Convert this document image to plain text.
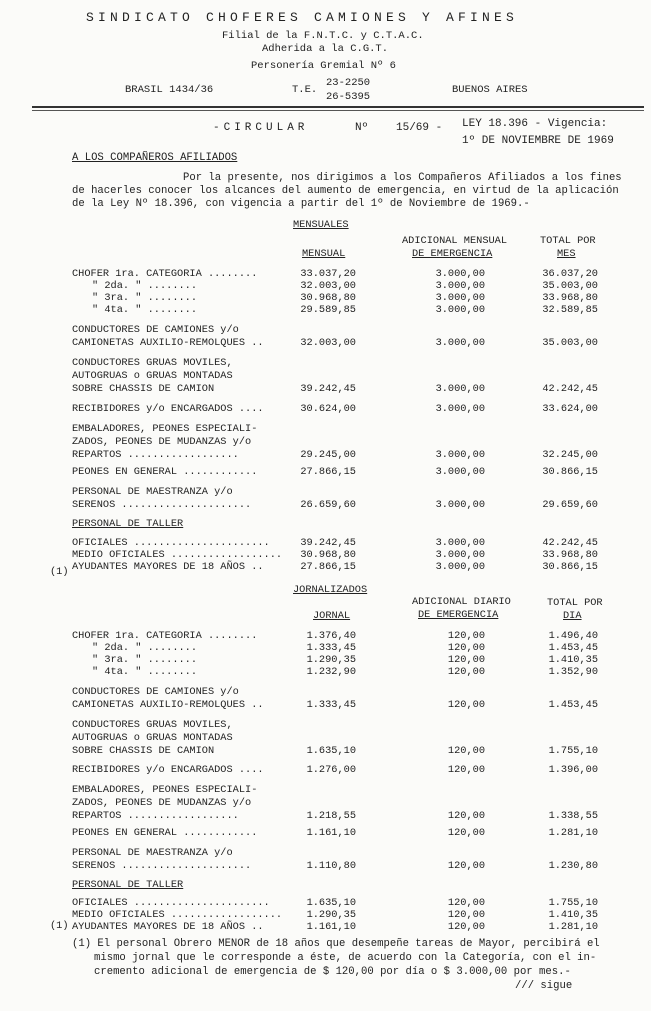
SINDICATO CHOFERES CAMIONES Y AFINES
Filial de la F.N.T.C. y C.T.A.C.
Adherida a la C.G.T.
Personería Gremial Nº 6
BRASIL 1434/36	T.E.
23-2250
26-5395
BUENOS AIRES
-CIRCULAR	Nº	15/69 - LEY 18.396 - Vigencia:
1º DE NOVIEMBRE DE 1969
A LOS COMPAÑEROS AFILIADOS
Por la presente, nos dirigimos a los Compañeros Afiliados a los fines
de hacerles conocer los alcances del aumento de emergencia, en virtud de la aplicación
de la Ley Nº 18.396, con vigencia a partir del 1º de Noviembre de 1969.-
MENSUALES
MENSUAL
ADICIONAL MENSUAL
DE EMERGENCIA
TOTAL POR
MES
CHOFER 1ra. CATEGORIA ........	33.037,20	3.000,00	36.037,20
" 2da. " ........	32.003,00	3.000,00	35.003,00
" 3ra. " ........	30.968,80	3.000,00	33.968,80
" 4ta. " ........	29.589,85	3.000,00	32.589,85
CONDUCTORES DE CAMIONES y/o
CAMIONETAS AUXILIO-REMOLQUES ..	32.003,00	3.000,00	35.003,00
CONDUCTORES GRUAS MOVILES,
AUTOGRUAS o GRUAS MONTADAS
SOBRE CHASSIS DE CAMION	39.242,45	3.000,00	42.242,45
RECIBIDORES y/o ENCARGADOS ....	30.624,00	3.000,00	33.624,00
EMBALADORES, PEONES ESPECIALI-
ZADOS, PEONES DE MUDANZAS y/o
REPARTOS ..................	29.245,00	3.000,00	32.245,00
PEONES EN GENERAL ............	27.866,15	3.000,00	30.866,15
PERSONAL DE MAESTRANZA y/o
SERENOS .....................	26.659,60	3.000,00	29.659,60
PERSONAL DE TALLER
OFICIALES ......................	39.242,45	3.000,00	42.242,45
MEDIO OFICIALES ..................	30.968,80	3.000,00	33.968,80
AYUDANTES MAYORES DE 18 AÑOS ..	27.866,15	3.000,00	30.866,15
JORNALIZADOS
JORNAL
ADICIONAL DIARIO
DE EMERGENCIA
TOTAL POR
DIA
CHOFER 1ra. CATEGORIA ........	1.376,40	120,00	1.496,40
" 2da. " ........	1.333,45	120,00	1.453,45
" 3ra. " ........	1.290,35	120,00	1.410,35
" 4ta. " ........	1.232,90	120,00	1.352,90
CONDUCTORES DE CAMIONES y/o
CAMIONETAS AUXILIO-REMOLQUES ..	1.333,45	120,00	1.453,45
CONDUCTORES GRUAS MOVILES,
AUTOGRUAS o GRUAS MONTADAS
SOBRE CHASSIS DE CAMION	1.635,10	120,00	1.755,10
RECIBIDORES y/o ENCARGADOS ....	1.276,00	120,00	1.396,00
EMBALADORES, PEONES ESPECIALI-
ZADOS, PEONES DE MUDANZAS y/o
REPARTOS ..................	1.218,55	120,00	1.338,55
PEONES EN GENERAL ............	1.161,10	120,00	1.281,10
PERSONAL DE MAESTRANZA y/o
SERENOS .....................	1.110,80	120,00	1.230,80
PERSONAL DE TALLER
OFICIALES ......................	1.635,10	120,00	1.755,10
MEDIO OFICIALES ..................	1.290,35	120,00	1.410,35
AYUDANTES MAYORES DE 18 AÑOS ..	1.161,10	120,00	1.281,10
(1)
(1)
(1) El personal Obrero MENOR de 18 años que desempeñe tareas de Mayor, percibirá el
mismo jornal que le corresponde a éste, de acuerdo con la Categoría, con el in-
cremento adicional de emergencia de $ 120,00 por día o $ 3.000,00 por mes.-
/// sigue
